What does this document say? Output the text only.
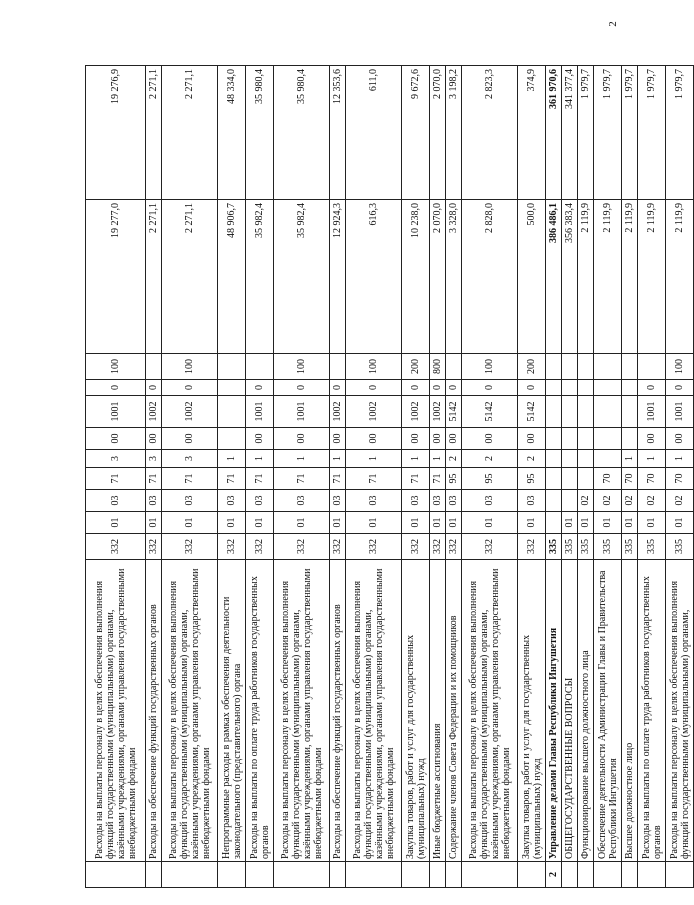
2
	Расходы на выплаты персоналу в целях обеспечения выполнения функций государственными (муниципальными) органами, казёнными учреждениями, органами управления государственными внебюджетными фондами	332	01	03	71	3	00	1001	0	100	19 277,0	19 276,9
	Расходы на обеспечение функций государственных органов	332	01	03	71	3	00	1002	0		2 271,1	2 271,1
	Расходы на выплаты персоналу в целях обеспечения выполнения функций государственными (муниципальными) органами, казёнными учреждениями, органами управления государственными внебюджетными фондами	332	01	03	71	3	00	1002	0	100	2 271,1	2 271,1
	Непрограммные расходы в рамках обеспечения деятельности законодательного (представительного) органа	332	01	03	71	1					48 906,7	48 334,0
	Расходы на выплаты по оплате труда работников государственных органов	332	01	03	71	1	00	1001	0		35 982,4	35 980,4
	Расходы на выплаты персоналу в целях обеспечения выполнения функций государственными (муниципальными) органами, казёнными учреждениями, органами управления государственными внебюджетными фондами	332	01	03	71	1	00	1001	0	100	35 982,4	35 980,4
	Расходы на обеспечение функций государственных органов	332	01	03	71	1	00	1002	0		12 924,3	12 353,6
	Расходы на выплаты персоналу в целях обеспечения выполнения функций государственными (муниципальными) органами, казёнными учреждениями, органами управления государственными внебюджетными фондами	332	01	03	71	1	00	1002	0	100	616,3	611,0
	Закупка товаров, работ и услуг для государственных (муниципальных) нужд	332	01	03	71	1	00	1002	0	200	10 238,0	9 672,6
	Иные бюджетные ассигнования	332	01	03	71	1	00	1002	0	800	2 070,0	2 070,0
	Содержание членов Совета Федерации и их помощников	332	01	03	95	2	00	5142	0		3 328,0	3 198,2
	Расходы на выплаты персоналу в целях обеспечения выполнения функций государственными (муниципальными) органами, казёнными учреждениями, органами управления государственными внебюджетными фондами	332	01	03	95	2	00	5142	0	100	2 828,0	2 823,3
	Закупка товаров, работ и услуг для государственных (муниципальных) нужд	332	01	03	95	2	00	5142	0	200	500,0	374,9
2	Управление делами Главы Республики Ингушетия	335									386 486,1	361 970,6
	ОБЩЕГОСУДАРСТВЕННЫЕ ВОПРОСЫ	335	01								356 383,4	341 377,4
	Функционирование высшего должностного лица	335	01	02							2 119,9	1 979,7
	Обеспечение деятельности Администрации Главы и Правительства Республики Ингушетия	335	01	02	70						2 119,9	1 979,7
	Высшее должностное лицо	335	01	02	70	1					2 119,9	1 979,7
	Расходы на выплаты по оплате труда работников государственных органов	335	01	02	70	1	00	1001	0		2 119,9	1 979,7
	Расходы на выплаты персоналу в целях обеспечения выполнения функций государственными (муниципальными) органами,	335	01	02	70	1	00	1001	0	100	2 119,9	1 979,7
